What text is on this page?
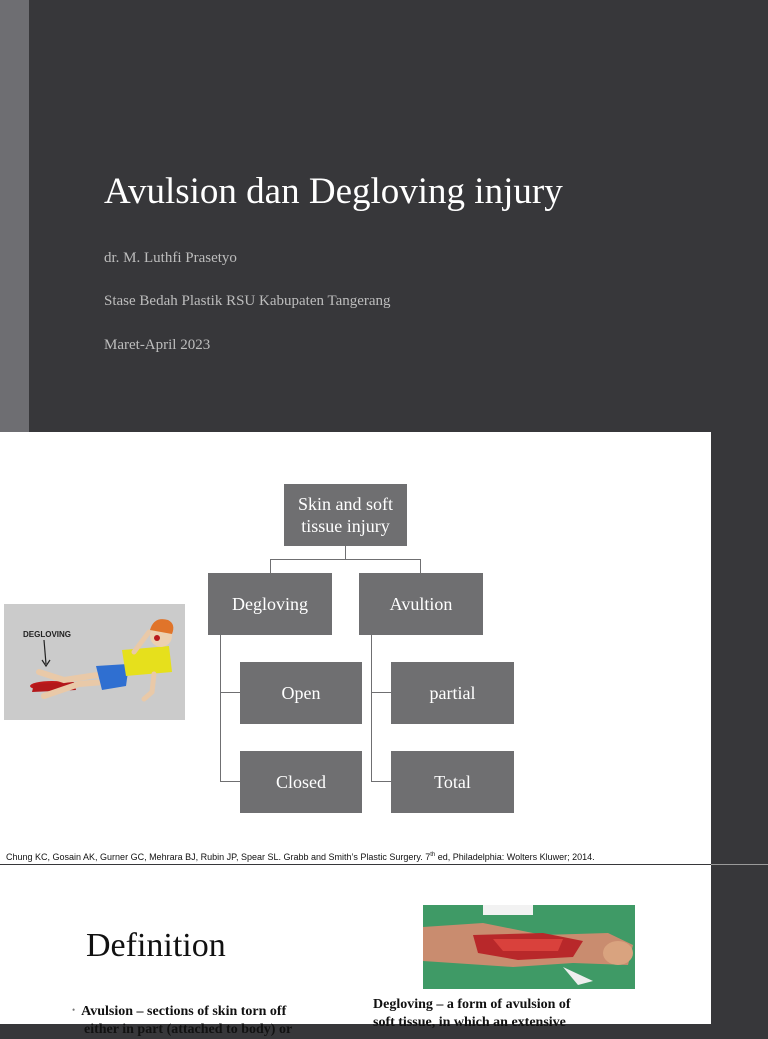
Avulsion dan Degloving injury
dr. M. Luthfi Prasetyo
Stase Bedah Plastik RSU Kabupaten Tangerang
Maret-April 2023
Skin and soft tissue injury
Degloving	Avultion
Open
Closed
partial
Total
DEGLOVING
Chung KC, Gosain AK, Gurner GC, Mehrara BJ, Rubin JP, Spear SL. Grabb and Smith’s Plastic Surgery. 7th ed, Philadelphia: Wolters Kluwer; 2014.
Definition
• Avulsion – sections of skin torn off
either in part (attached to body) or
Degloving – a form of avulsion of
soft tissue, in which an extensive
